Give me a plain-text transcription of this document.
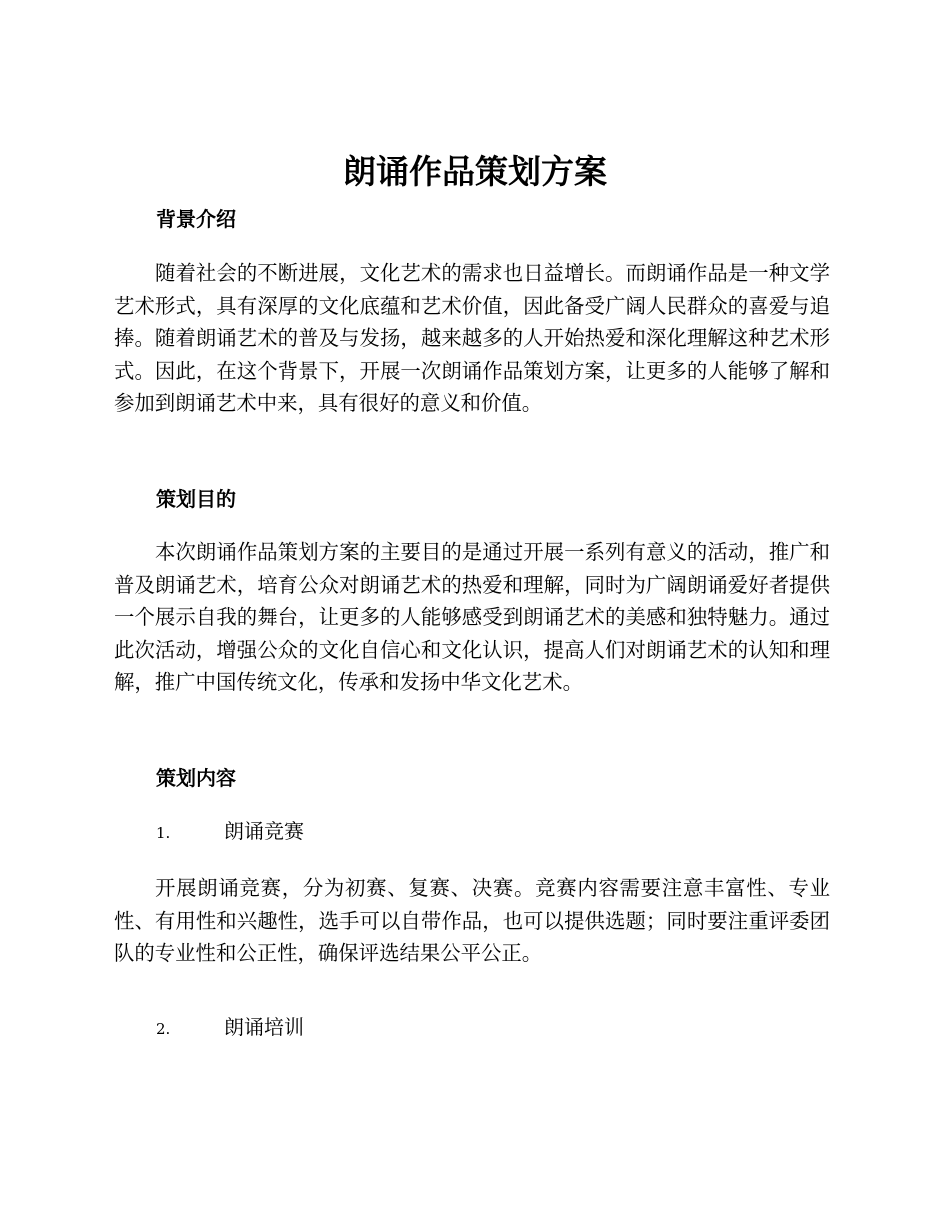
朗诵作品策划方案
背景介绍

随着社会的不断进展，文化艺术的需求也日益增长。而朗诵作品是一种文学艺术形式，具有深厚的文化底蕴和艺术价值，因此备受广阔人民群众的喜爱与追捧。随着朗诵艺术的普及与发扬，越来越多的人开始热爱和深化理解这种艺术形式。因此，在这个背景下，开展一次朗诵作品策划方案，让更多的人能够了解和参加到朗诵艺术中来，具有很好的意义和价值。

策划目的

本次朗诵作品策划方案的主要目的是通过开展一系列有意义的活动，推广和普及朗诵艺术，培育公众对朗诵艺术的热爱和理解，同时为广阔朗诵爱好者提供一个展示自我的舞台，让更多的人能够感受到朗诵艺术的美感和独特魅力。通过此次活动，增强公众的文化自信心和文化认识，提高人们对朗诵艺术的认知和理解，推广中国传统文化，传承和发扬中华文化艺术。

策划内容
1.	朗诵竞赛

开展朗诵竞赛，分为初赛、复赛、决赛。竞赛内容需要注意丰富性、专业性、有用性和兴趣性，选手可以自带作品，也可以提供选题；同时要注重评委团队的专业性和公正性，确保评选结果公平公正。

2.	朗诵培训
